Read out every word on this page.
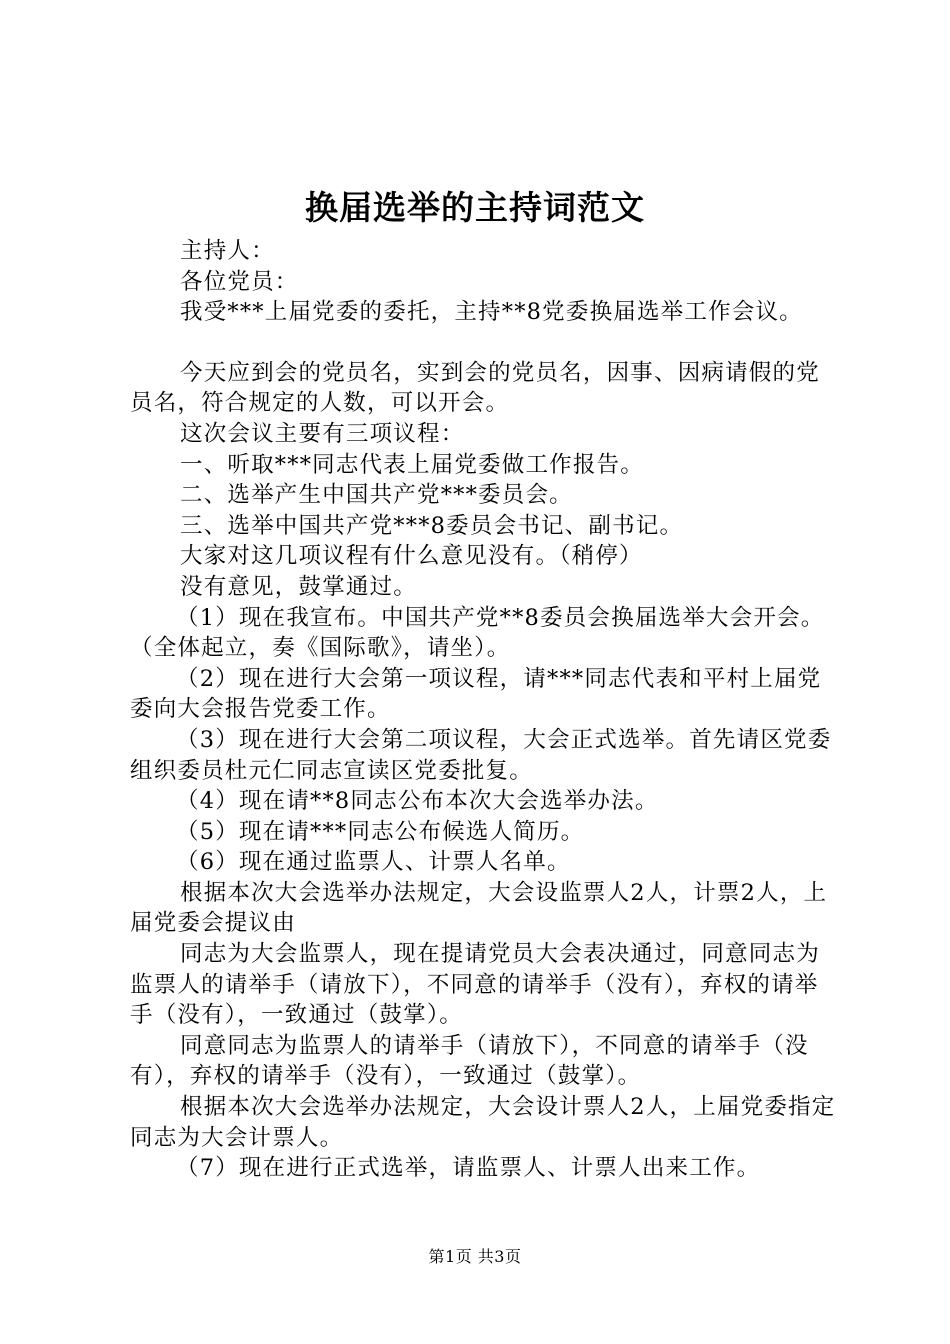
换届选举的主持词范文

主持人：

各位党员：

我受***上届党委的委托，主持**8党委换届选举工作会议。

今天应到会的党员名，实到会的党员名，因事、因病请假的党员名，符合规定的人数，可以开会。

这次会议主要有三项议程：

一、听取***同志代表上届党委做工作报告。

二、选举产生中国共产党***委员会。

三、选举中国共产党***8委员会书记、副书记。

大家对这几项议程有什么意见没有。（稍停）

没有意见，鼓掌通过。

（1）现在我宣布。中国共产党**8委员会换届选举大会开会。（全体起立，奏《国际歌》，请坐）。

（2）现在进行大会第一项议程，请***同志代表和平村上届党委向大会报告党委工作。

（3）现在进行大会第二项议程，大会正式选举。首先请区党委组织委员杜元仁同志宣读区党委批复。

（4）现在请**8同志公布本次大会选举办法。

（5）现在请***同志公布候选人简历。

（6）现在通过监票人、计票人名单。

根据本次大会选举办法规定，大会设监票人2人，计票2人，上届党委会提议由

同志为大会监票人，现在提请党员大会表决通过，同意同志为监票人的请举手（请放下），不同意的请举手（没有），弃权的请举手（没有），一致通过（鼓掌）。

同意同志为监票人的请举手（请放下），不同意的请举手（没有），弃权的请举手（没有），一致通过（鼓掌）。

根据本次大会选举办法规定，大会设计票人2人，上届党委指定同志为大会计票人。

（7）现在进行正式选举，请监票人、计票人出来工作。

第1页 共3页
